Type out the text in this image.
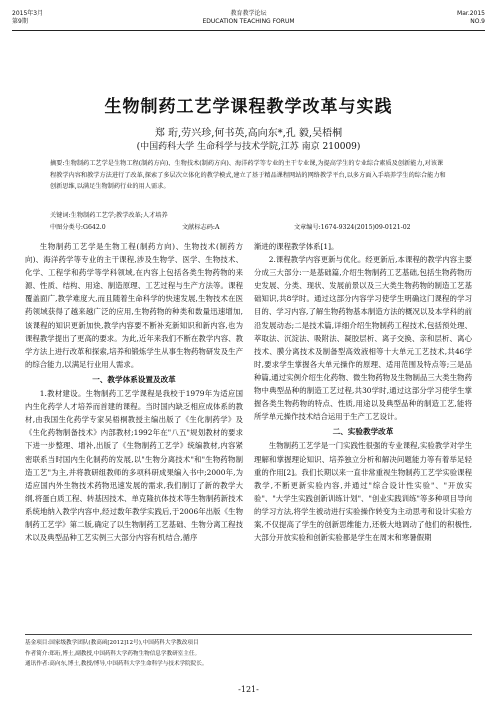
2015年3月
第9期
教育教学论坛
EDUCATION TEACHING FORUM
Mar.2015
NO.9
生物制药工艺学课程教学改革与实践
郑 珩,劳兴珍,何书英,高向东*,孔 毅,吴梧桐
(中国药科大学 生命科学与技术学院,江苏 南京 210009)
摘要:生物制药工艺学是生物工程(制药方向)、生物技术(制药方向)、海洋药学等专业的主干专业课,为提高学生的专业综合素质及创新能力,对该课程教学内容和教学方法进行了改革,探索了多层次立体化的教学模式,建立了基于精品课程网站的网络教学平台,以多方面入手培养学生的综合能力和创新思维,以满足生物制药行业的用人需求。
关键词:生物制药工艺学;教学改革;人才培养
中图分类号:G642.0	文献标志码:A	文章编号:1674-9324(2015)09-0121-02

生物制药工艺学是生物工程(制药方向)、生物技术(制药方向)、海洋药学等专业的主干课程,涉及生物学、医学、生物技术、化学、工程学和药学等学科领域,在内容上包括各类生物药物的来源、性质、结构、用途、制造原理、工艺过程与生产方法等。课程覆盖面广,教学难度大,而且随着生命科学的快速发展,生物技术在医药领域获得了越来越广泛的应用,生物药物的种类和数量迅速增加,该课程的知识更新加快,教学内容要不断补充新知识和新内容,也为课程教学提出了更高的要求。为此,近年来我们不断在教学内容、教学方法上进行改革和探索,培养和锻炼学生从事生物药物研发及生产的综合能力,以满足行业用人需求。

一、教学体系设置及改革

1.教材建设。生物制药工艺学课程是我校于1979年为适应国内生化药学人才培养而首建的课程。当时国内缺乏相应成体系的教材,由我国生化药学专家吴梧桐教授主编出版了《生化制药学》及《生化药物制备技术》内部教材;1992年在"八五"规划教材的要求下进一步整理、增补,出版了《生物制药工艺学》统编教材,内容紧密联系当时国内生化制药的发展,以"生物分离技术"和"生物药物制造工艺"为主,并将教研组教师的多项科研成果编入书中;2000年,为适应国内外生物技术药物迅速发展的需求,我们制订了新的教学大纲,将蛋白质工程、转基因技术、单克隆抗体技术等生物制药新技术系统地纳入教学内容中,经过数年教学实践后,于2006年出版《生物制药工艺学》第二版,确定了以生物制药工艺基础、生物分离工程技术以及典型品种工艺实例三大部分内容有机结合,循序

渐进的课程教学体系[1]。

2.课程教学内容更新与优化。经更新后,本课程的教学内容主要分成三大部分:一是基础篇,介绍生物制药工艺基础,包括生物药物历史发展、分类、现状、发展前景以及三大类生物药物的制造工艺基础知识,共8学时。通过这部分内容学习使学生明确这门课程的学习目的、学习内容,了解生物药物基本制造方法的概况以及本学科的前沿发展动态;二是技术篇,详细介绍生物制药工程技术,包括预处理、萃取法、沉淀法、吸附法、凝胶层析、离子交换、亲和层析、离心技术、膜分离技术及制备型高效液相等十大单元工艺技术,共46学时,要求学生掌握各大单元操作的原理、适用范围及特点等;三是品种篇,通过实例介绍生化药物、微生物药物及生物制品三大类生物药物中典型品种的制造工艺过程,共30学时,通过这部分学习使学生掌握各类生物药物的特点、性质,用途以及典型品种的制造工艺,能将所学单元操作技术结合运用于生产工艺设计。

二、实验教学改革

生物制药工艺学是一门实践性很强的专业课程,实验教学对学生理解和掌握理论知识、培养独立分析和解决问题能力等有着举足轻重的作用[2]。我们长期以来一直非常重视生物制药工艺学实验课程教学,不断更新实验内容,并通过"综合设计性实验"、"开放实验"、"大学生实践创新训练计划"、"创业实践训练"等多种项目导向的学习方法,将学生被动进行实验操作转变为主动思考和设计实验方案,不仅提高了学生的创新思维能力,还极大地调动了他们的积极性,大部分开放实验和创新实验都是学生在周末和寒暑假期

基金项目:国家级教学团队(教高函[2012]12号),中国药科大学教改项目
作者简介:郑珩,博士,副教授,中国药科大学药物生物信息学教研室主任。
通讯作者:高向东,博士,教授/博导,中国药科大学生命科学与技术学院院长。
-121-
